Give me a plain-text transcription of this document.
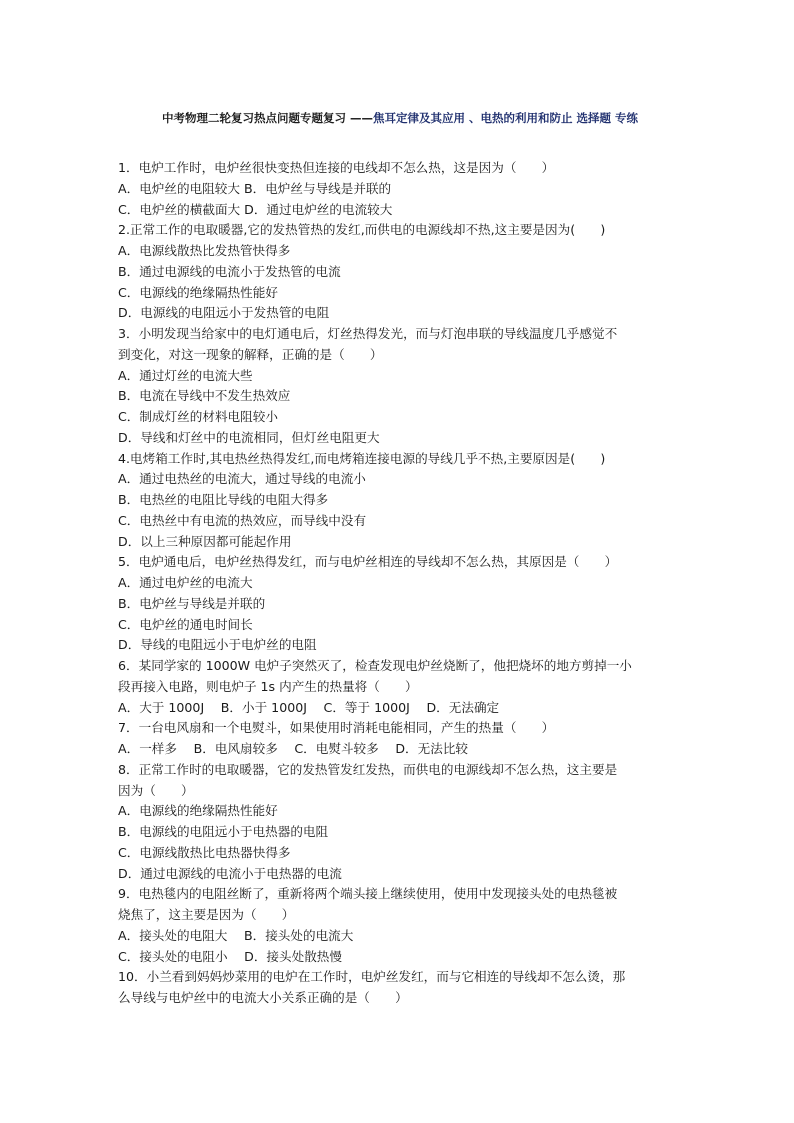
中考物理二轮复习热点问题专题复习 ——焦耳定律及其应用 、电热的利用和防止 选择题 专练
1．电炉工作时，电炉丝很快变热但连接的电线却不怎么热，这是因为（　　）
A．电炉丝的电阻较大 B．电炉丝与导线是并联的
C．电炉丝的横截面大 D．通过电炉丝的电流较大
2.正常工作的电取暖器,它的发热管热的发红,而供电的电源线却不热,这主要是因为(　　)
A．电源线散热比发热管快得多
B．通过电源线的电流小于发热管的电流
C．电源线的绝缘隔热性能好
D．电源线的电阻远小于发热管的电阻
3．小明发现当给家中的电灯通电后，灯丝热得发光，而与灯泡串联的导线温度几乎感觉不
到变化，对这一现象的解释，正确的是（　　）
A．通过灯丝的电流大些
B．电流在导线中不发生热效应
C．制成灯丝的材料电阻较小
D．导线和灯丝中的电流相同，但灯丝电阻更大
4.电烤箱工作时,其电热丝热得发红,而电烤箱连接电源的导线几乎不热,主要原因是(　　)
A．通过电热丝的电流大，通过导线的电流小
B．电热丝的电阻比导线的电阻大得多
C．电热丝中有电流的热效应，而导线中没有
D．以上三种原因都可能起作用
5．电炉通电后，电炉丝热得发红，而与电炉丝相连的导线却不怎么热，其原因是（　　）
A．通过电炉丝的电流大
B．电炉丝与导线是并联的
C．电炉丝的通电时间长
D．导线的电阻远小于电炉丝的电阻
6．某同学家的 1000W 电炉子突然灭了，检查发现电炉丝烧断了，他把烧坏的地方剪掉一小
段再接入电路，则电炉子 1s 内产生的热量将（　　）
A．大于 1000J　 B．小于 1000J　 C．等于 1000J　 D．无法确定
7．一台电风扇和一个电熨斗，如果使用时消耗电能相同，产生的热量（　　）
A．一样多　 B．电风扇较多　 C．电熨斗较多　 D．无法比较
8．正常工作时的电取暖器，它的发热管发红发热，而供电的电源线却不怎么热，这主要是
因为（　　）
A．电源线的绝缘隔热性能好
B．电源线的电阻远小于电热器的电阻
C．电源线散热比电热器快得多
D．通过电源线的电流小于电热器的电流
9．电热毯内的电阻丝断了，重新将两个端头接上继续使用，使用中发现接头处的电热毯被
烧焦了，这主要是因为（　　）
A．接头处的电阻大　 B．接头处的电流大
C．接头处的电阻小　 D．接头处散热慢
10．小兰看到妈妈炒菜用的电炉在工作时，电炉丝发红，而与它相连的导线却不怎么烫，那
么导线与电炉丝中的电流大小关系正确的是（　　）
